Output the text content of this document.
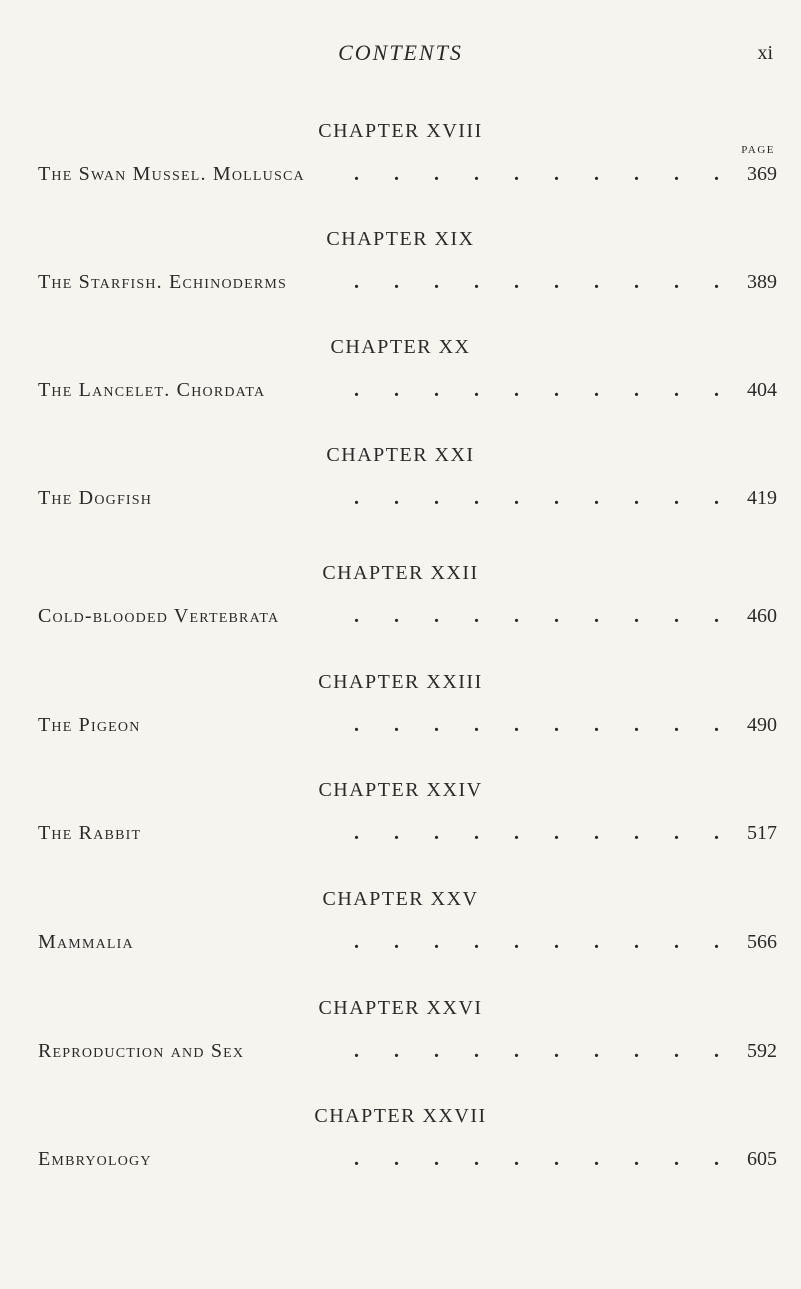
CONTENTS	xi
PAGE
CHAPTER XVIII
The Swan Mussel. Mollusca .	369
CHAPTER XIX
The Starfish. Echinoderms .	389
CHAPTER XX
The Lancelet. Chordata .	404
CHAPTER XXI
The Dogfish .	419
CHAPTER XXII
Cold-blooded Vertebrata .	460
CHAPTER XXIII
The Pigeon .	490
CHAPTER XXIV
The Rabbit .	517
CHAPTER XXV
Mammalia .	566
CHAPTER XXVI
Reproduction and Sex .	592
CHAPTER XXVII
Embryology .	605
